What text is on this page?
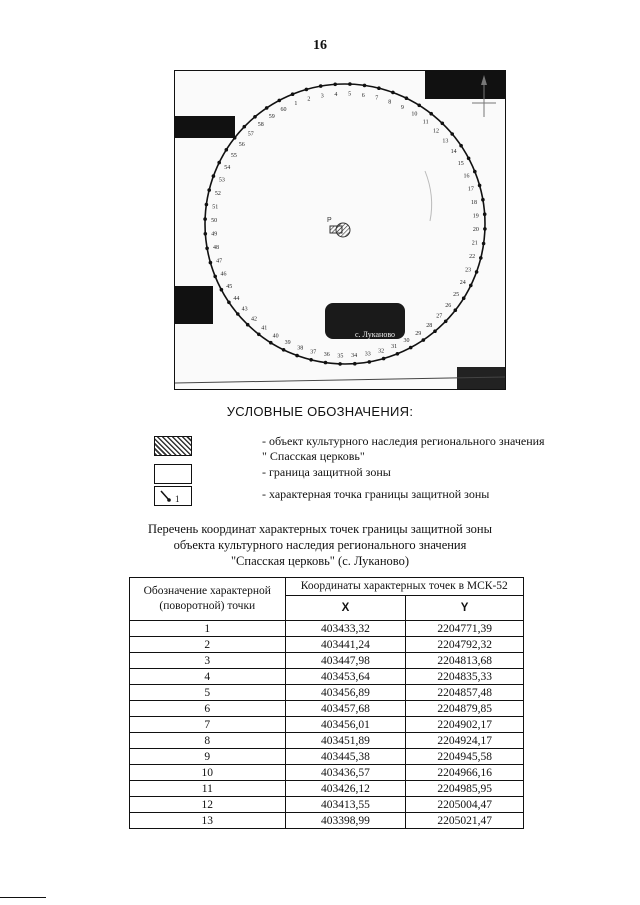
16
Р
1
2
3 4 5 6 7
8
9
10
11
12
13
14
15
16
17
18
19
20
21
22
23
24
25
26
27
28
29
30
31
32
33
34
35
36
37
38
39
40
41
42
43
44
45
46
47
48
49
50
51
52
53
54
55
56
57
58
59
60
с. Луканово
УСЛОВНЫЕ ОБОЗНАЧЕНИЯ:
- объект культурного наследия регионального значения " Спасская церковь"
- граница защитной зоны
1	- характерная точка границы защитной зоны
Перечень координат характерных точек границы защитной зоны
объекта культурного наследия регионального значения
"Спасская церковь" (с. Луканово)
Обозначение характерной (поворотной) точки	Координаты характерных точек в МСК-52	
	X	Y
1	403433,32	2204771,39
2	403441,24	2204792,32
3	403447,98	2204813,68
4	403453,64	2204835,33
5	403456,89	2204857,48
6	403457,68	2204879,85
7	403456,01	2204902,17
8	403451,89	2204924,17
9	403445,38	2204945,58
10	403436,57	2204966,16
11	403426,12	2204985,95
12	403413,55	2205004,47
13	403398,99	2205021,47
